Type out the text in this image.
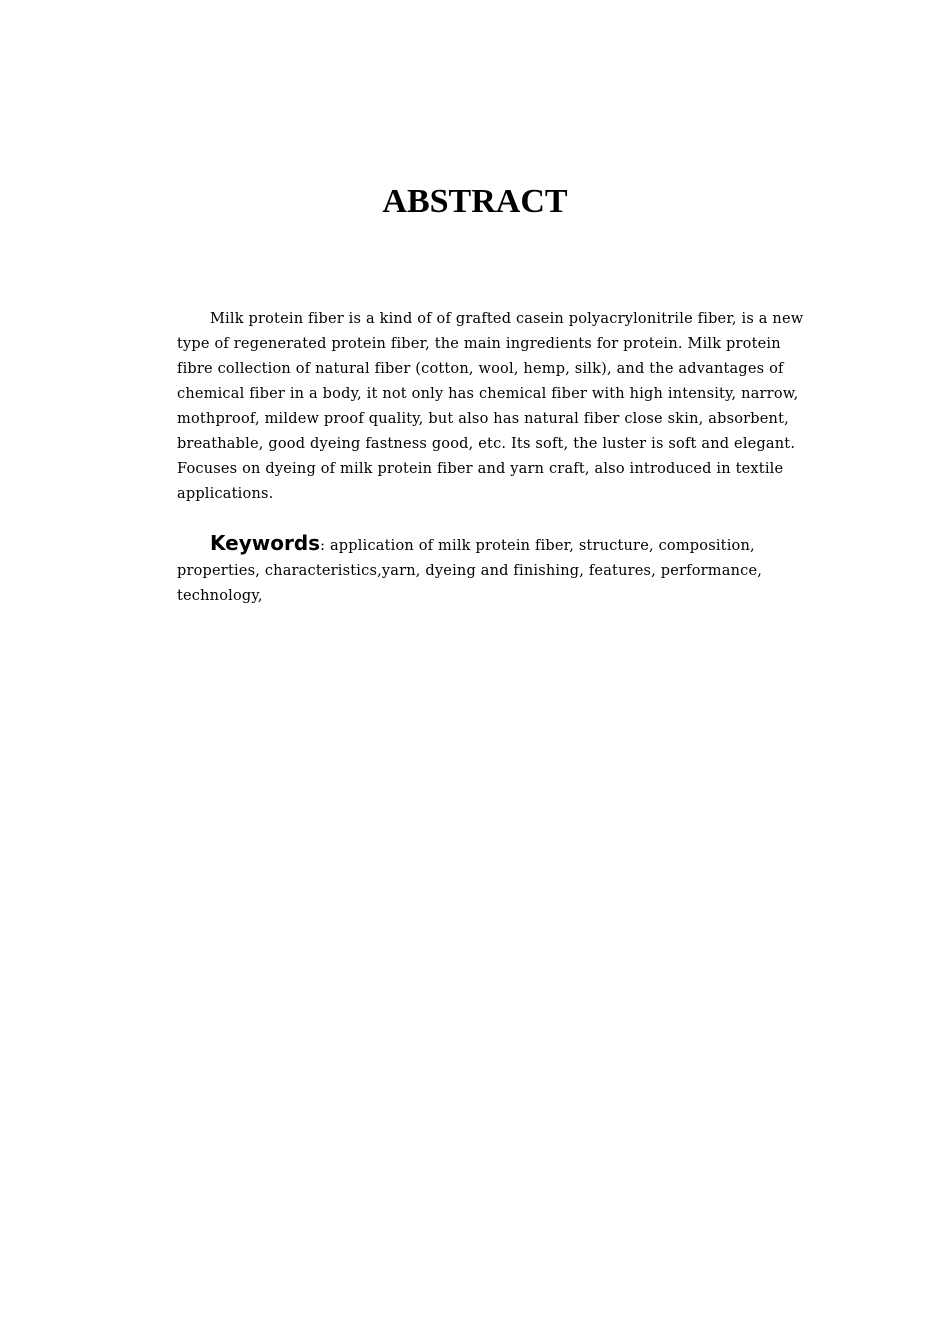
ABSTRACT

Milk protein fiber is a kind of of grafted casein polyacrylonitrile fiber, is a new type of regenerated protein fiber, the main ingredients for protein. Milk protein fibre collection of natural fiber (cotton, wool, hemp, silk), and the advantages of chemical fiber in a body, it not only has chemical fiber with high intensity, narrow, mothproof, mildew proof quality, but also has natural fiber close skin, absorbent, breathable, good dyeing fastness good, etc. Its soft, the luster is soft and elegant. Focuses on dyeing of milk protein fiber and yarn craft, also introduced in textile applications.

Keywords: application of milk protein fiber, structure, composition, properties, characteristics,yarn, dyeing and finishing, features, performance, technology,
